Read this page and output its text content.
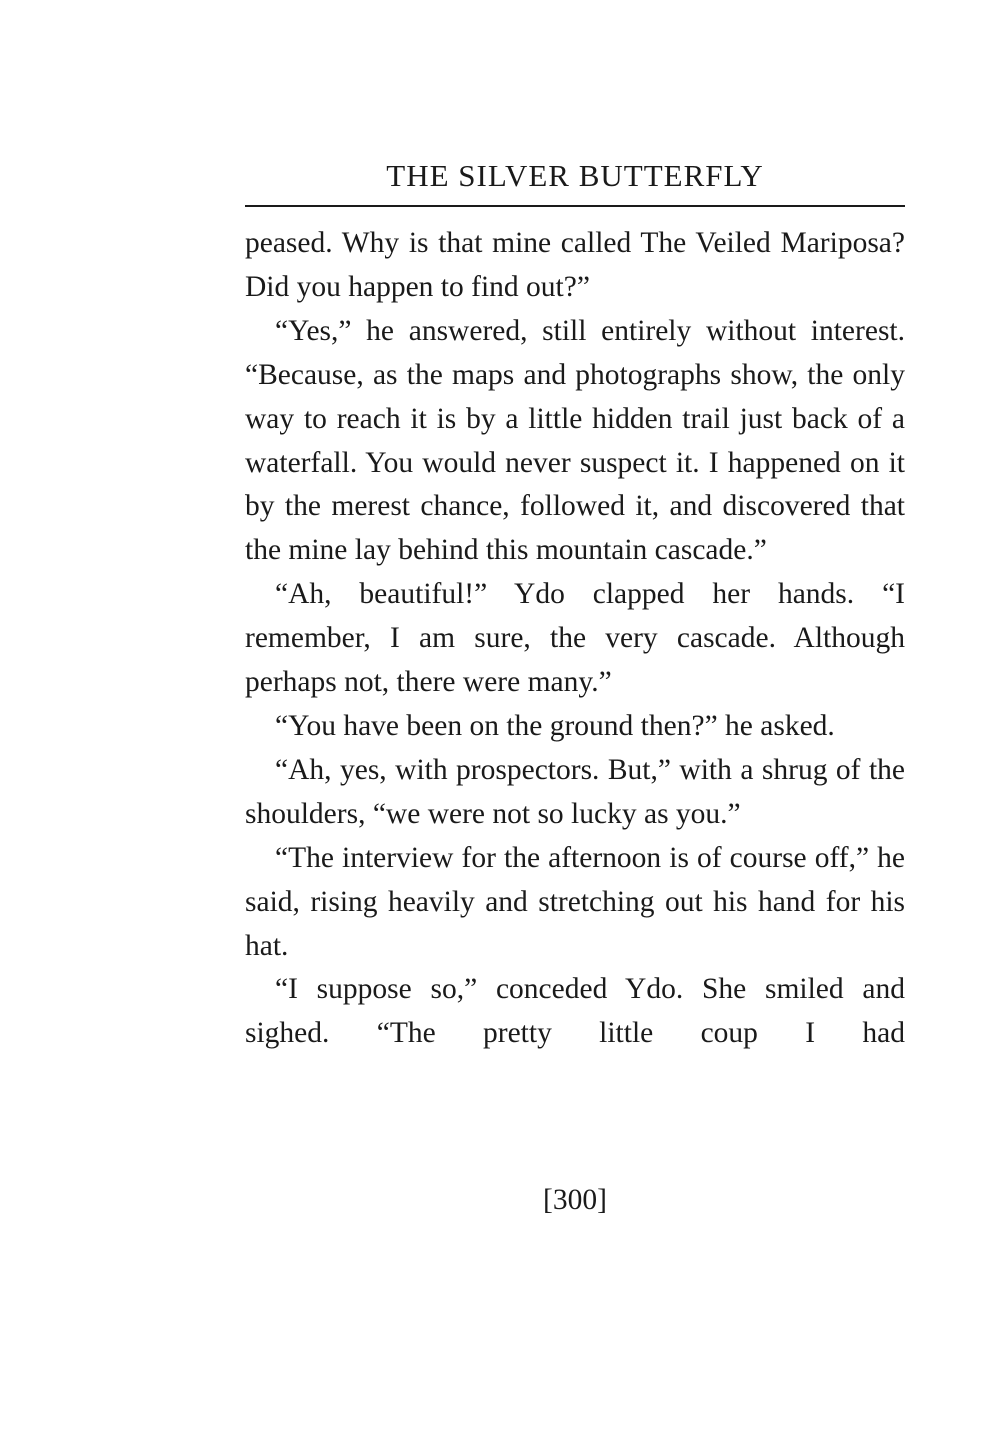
THE SILVER BUTTERFLY

peased. Why is that mine called The Veiled Mariposa? Did you happen to find out?”

“Yes,” he answered, still entirely without interest. “Because, as the maps and photographs show, the only way to reach it is by a little hidden trail just back of a waterfall. You would never suspect it. I happened on it by the merest chance, followed it, and discovered that the mine lay behind this mountain cascade.”

“Ah, beautiful!” Ydo clapped her hands. “I remember, I am sure, the very cascade. Although perhaps not, there were many.”

“You have been on the ground then?” he asked.

“Ah, yes, with prospectors. But,” with a shrug of the shoulders, “we were not so lucky as you.”

“The interview for the afternoon is of course off,” he said, rising heavily and stretching out his hand for his hat.

“I suppose so,” conceded Ydo. She smiled and sighed. “The pretty little coup I had

[300]
